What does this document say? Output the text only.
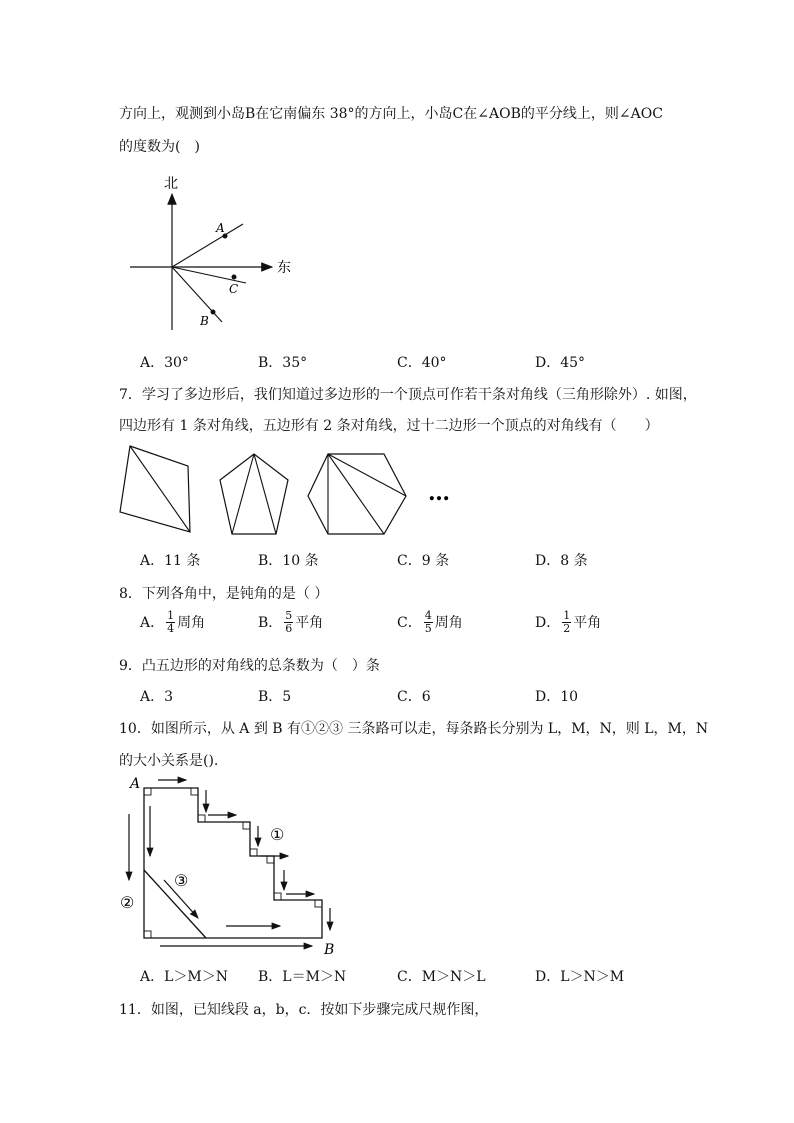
方向上，观测到小岛B在它南偏东 38°的方向上，小岛C在∠AOB的平分线上，则∠AOC
的度数为(　)
北
东
A
C
B
A．30°	B．35°	C．40°	D．45°
7．学习了多边形后，我们知道过多边形的一个顶点可作若干条对角线（三角形除外）. 如图，
四边形有 1 条对角线，五边形有 2 条对角线，过十二边形一个顶点的对角线有（　　）
…
A．11 条	B．10 条	C．9 条	D．8 条
8．下列各角中，是钝角的是（ ）
A． $\frac{1}{4}$ 周角	B． $\frac{5}{6}$ 平角	C． $\frac{4}{5}$ 周角	D． $\frac{1}{2}$ 平角
9．凸五边形的对角线的总条数为（　）条
A．3	B．5	C．6	D．10
10．如图所示，从 A 到 B 有①②③ 三条路可以走，每条路长分别为 L，M，N，则 L，M，N
的大小关系是().
A
B
①
②
③
A．L＞M＞N B．L＝M＞N	C．M＞N＞L	D．L＞N＞M
11．如图，已知线段 a，b，c．按如下步骤完成尺规作图，
